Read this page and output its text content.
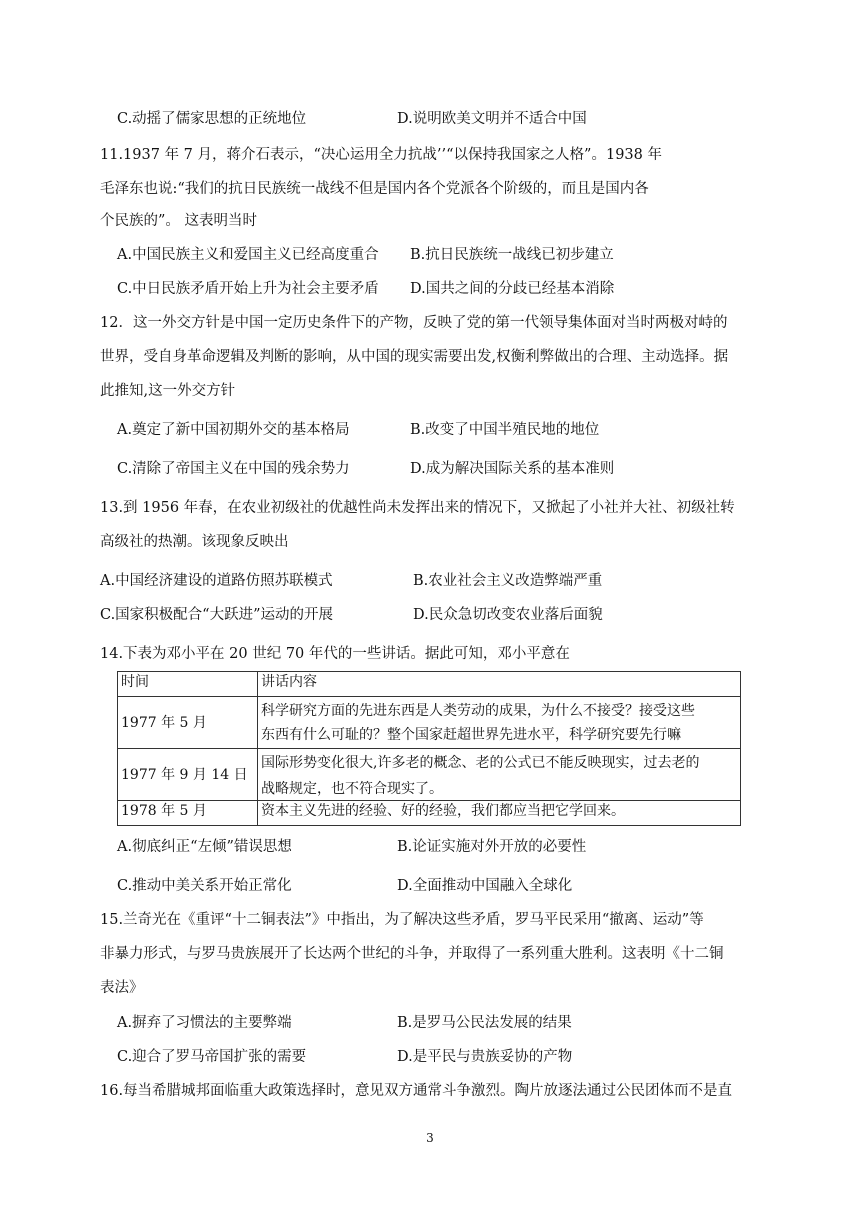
C.动摇了儒家思想的正统地位	D.说明欧美文明并不适合中国
11.1937 年 7 月，蒋介石表示，“决心运用全力抗战’’“以保持我国家之人格”。1938 年
毛泽东也说:“我们的抗日民族统一战线不但是国内各个党派各个阶级的，而且是国内各
个民族的”。 这表明当时
A.中国民族主义和爱国主义已经高度重合 B.抗日民族统一战线已初步建立
C.中日民族矛盾开始上升为社会主要矛盾 D.国共之间的分歧已经基本消除
12．这一外交方针是中国一定历史条件下的产物，反映了党的第一代领导集体面对当时两极对峙的
世界，受自身革命逻辑及判断的影响，从中国的现实需要出发,权衡利弊做出的合理、主动选择。据
此推知,这一外交方针
A.奠定了新中国初期外交的基本格局	B.改变了中国半殖民地的地位
C.清除了帝国主义在中国的残余势力	D.成为解决国际关系的基本准则
13.到 1956 年春，在农业初级社的优越性尚未发挥出来的情况下，又掀起了小社并大社、初级社转
高级社的热潮。该现象反映出
A.中国经济建设的道路仿照苏联模式	B.农业社会主义改造弊端严重
C.国家积极配合“大跃进”运动的开展	D.民众急切改变农业落后面貌
14.下表为邓小平在 20 世纪 70 年代的一些讲话。据此可知，邓小平意在
时间	讲话内容
1977 年 5 月	科学研究方面的先进东西是人类劳动的成果，为什么不接受？接受这些
东西有什么可耻的？整个国家赶超世界先进水平，科学研究要先行嘛

1977 年 9 月 14 日	国际形势变化很大,许多老的概念、老的公式已不能反映现实，过去老的
战略规定，也不符合现实了。

1978 年 5 月	资本主义先进的经验、好的经验，我们都应当把它学回来。
A.彻底纠正“左倾”错误思想	B.论证实施对外开放的必要性
C.推动中美关系开始正常化	D.全面推动中国融入全球化
15.兰奇光在《重评“十二铜表法”》中指出，为了解决这些矛盾，罗马平民采用“撤离、运动”等
非暴力形式，与罗马贵族展开了长达两个世纪的斗争，并取得了一系列重大胜利。这表明《十二铜
表法》
A.摒弃了习惯法的主要弊端	B.是罗马公民法发展的结果
C.迎合了罗马帝国扩张的需要	D.是平民与贵族妥协的产物
16.每当希腊城邦面临重大政策选择时，意见双方通常斗争激烈。陶片放逐法通过公民团体而不是直
3
